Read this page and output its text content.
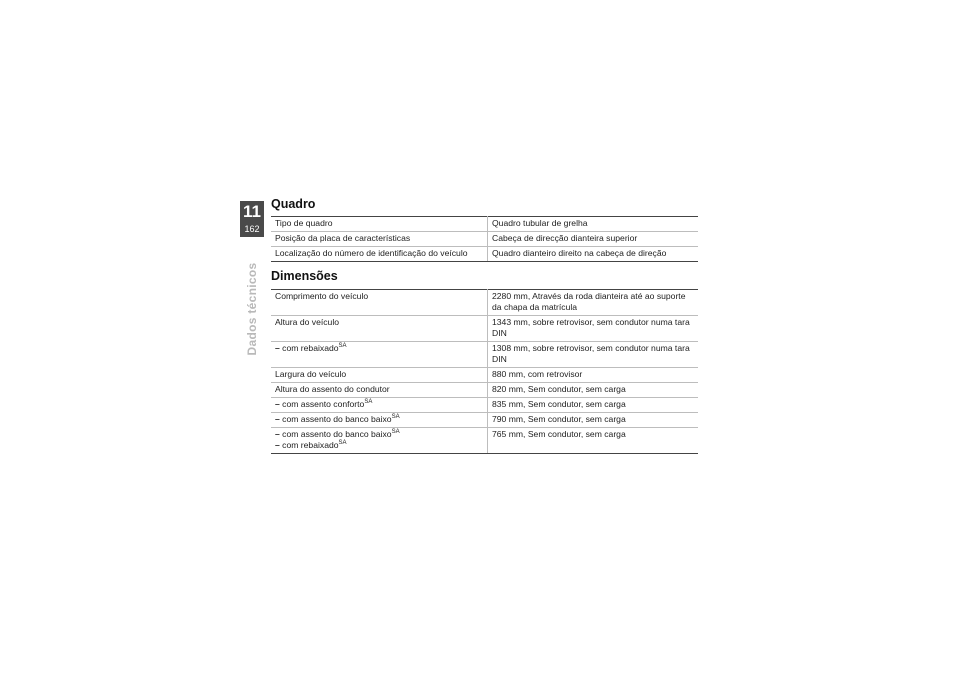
11
162
Dados técnicos
Quadro
Tipo de quadro	Quadro tubular de grelha
Posição da placa de características	Cabeça de direcção dianteira superior
Localização do número de identificação do veículo	Quadro dianteiro direito na cabeça de direção
Dimensões
Comprimento do veículo	2280 mm, Através da roda dianteira até ao suporte da chapa da matrícula
Altura do veículo	1343 mm, sobre retrovisor, sem condutor numa tara DIN
– com rebaixado$^{SA}$	1308 mm, sobre retrovisor, sem condutor numa tara DIN
Largura do veículo	880 mm, com retrovisor
Altura do assento do condutor	820 mm, Sem condutor, sem carga
– com assento conforto$^{SA}$	835 mm, Sem condutor, sem carga
– com assento do banco baixo$^{SA}$	790 mm, Sem condutor, sem carga
– com assento do banco baixo$^{SA}$
– com rebaixado$^{SA}$	765 mm, Sem condutor, sem carga
